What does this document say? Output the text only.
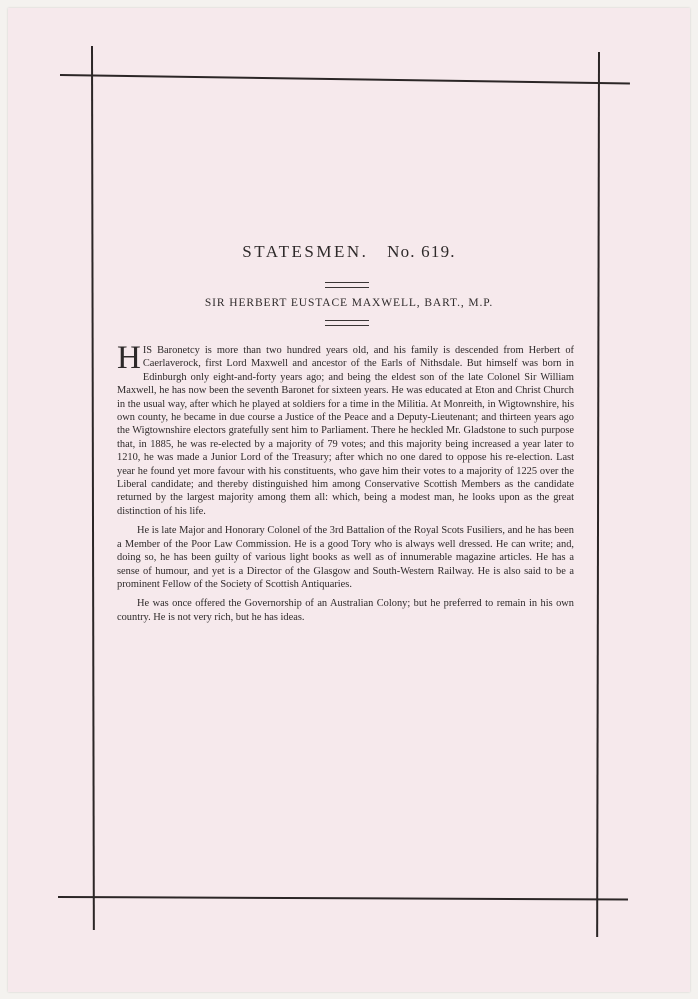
STATESMEN. No. 619.
SIR HERBERT EUSTACE MAXWELL, BART., M.P.

HIS Baronetcy is more than two hundred years old, and his family is descended from Herbert of Caerlaverock, first Lord Maxwell and ancestor of the Earls of Nithsdale. But himself was born in Edinburgh only eight-and-forty years ago; and being the eldest son of the late Colonel Sir William Maxwell, he has now been the seventh Baronet for sixteen years. He was educated at Eton and Christ Church in the usual way, after which he played at soldiers for a time in the Militia. At Monreith, in Wigtownshire, his own county, he became in due course a Justice of the Peace and a Deputy-Lieutenant; and thirteen years ago the Wigtownshire electors gratefully sent him to Parliament. There he heckled Mr. Gladstone to such purpose that, in 1885, he was re-elected by a majority of 79 votes; and this majority being increased a year later to 1210, he was made a Junior Lord of the Treasury; after which no one dared to oppose his re-election. Last year he found yet more favour with his constituents, who gave him their votes to a majority of 1225 over the Liberal candidate; and thereby distinguished him among Conservative Scottish Members as the candidate returned by the largest majority among them all: which, being a modest man, he looks upon as the great distinction of his life.

He is late Major and Honorary Colonel of the 3rd Battalion of the Royal Scots Fusiliers, and he has been a Member of the Poor Law Commission. He is a good Tory who is always well dressed. He can write; and, doing so, he has been guilty of various light books as well as of innumerable magazine articles. He has a sense of humour, and yet is a Director of the Glasgow and South-Western Railway. He is also said to be a prominent Fellow of the Society of Scottish Antiquaries.

He was once offered the Governorship of an Australian Colony; but he preferred to remain in his own country. He is not very rich, but he has ideas.
